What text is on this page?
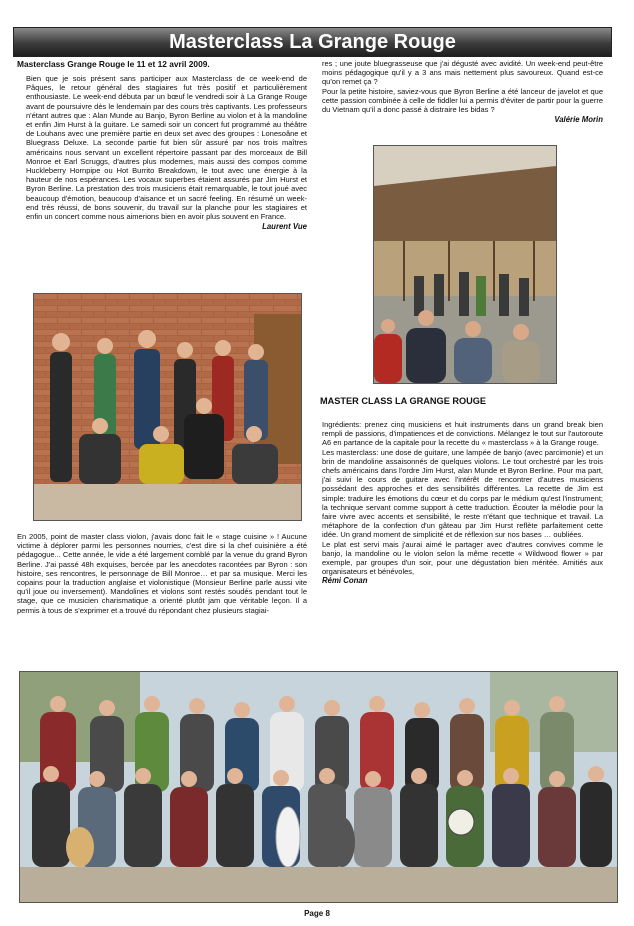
Masterclass La Grange Rouge

Masterclass Grange Rouge le 11 et 12 avril 2009.

Bien que je sois présent sans participer aux Masterclass de ce week-end de Pâques, le retour général des stagiaires fut très positif et particulièrement enthousiaste. Le week-end débuta par un bœuf le vendredi soir à La Grange Rouge avant de poursuivre dès le lendemain par des cours très captivants. Les professeurs n'étant autres que : Alan Munde au Banjo, Byron Berline au violon et à la mandoline et enfin Jim Hurst à la guitare. Le samedi soir un concert fut programmé au théâtre de Louhans avec une première partie en deux set avec des groupes : Lonesoâne et Bluegrass Deluxe. La seconde partie fut bien sûr assuré par nos trois maîtres américains nous servant un excellent répertoire passant par des morceaux de Bill Monroe et Earl Scruggs, d'autres plus modernes, mais aussi des compos comme Huckleberry Hornpipe ou Hot Burrito Breakdown, le tout avec une énergie à la hauteur de nos espérances. Les vocaux superbes étaient assurés par Jim Hurst et Byron Berline. La prestation des trois musiciens était remarquable, le tout joué avec beaucoup d'émotion, beaucoup d'aisance et un sacré feeling. En résumé un week-end très réussi, de bons souvenir, du travail sur la planche pour les stagiaires et enfin un concert comme nous aimerions bien en avoir plus souvent en France.

Laurent Vue

En 2005, point de master class violon, j'avais donc fait le « stage cuisine » ! Aucune victime à déplorer parmi les personnes nourries, c'est dire si la chef cuisinière a été pédagogue... Cette année, le vide a été largement comblé par la venue du grand Byron Berline. J'ai passé 48h exquises, bercée par les anecdotes racontées par Byron : son histoire, ses rencontres, le personnage de Bill Monroe… et par sa musique. Merci les copains pour la traduction anglaise et violonistique (Monsieur Berline parle aussi vite qu'il joue ou inversement). Mandolines et violons sont restés soudés pendant tout le stage, que ce musicien charismatique a orienté plutôt jam que véritable leçon. Il a permis à tous de s'exprimer et a trouvé du répondant chez plusieurs stagiai-

res ; une joute bluegrasseuse que j'ai dégusté avec avidité. Un week-end peut-être moins pédagogique qu'il y a 3 ans mais nettement plus savoureux. Quand est-ce qu'on remet ça ?

Pour la petite histoire, saviez-vous que Byron Berline a été lanceur de javelot et que cette passion combinée à celle de fiddler lui a permis d'éviter de partir pour la guerre du Vietnam qu'il a donc passé à distraire les bidas ?

Valérie Morin

MASTER CLASS LA GRANGE ROUGE

Ingrédients: prenez cinq musiciens et huit instruments dans un grand break bien rempli de passions, d'impatiences et de convictions. Mélangez le tout sur l'autoroute A6 en partance de la capitale pour la recette du « masterclass » à la Grange rouge.

Les masterclass: une dose de guitare, une lampée de banjo (avec parcimonie) et un brin de mandoline assaisonnés de quelques violons. Le tout orchestré par les trois chefs américains dans l'ordre Jim Hurst, alan Munde et Byron Berline. Pour ma part, j'ai suivi le cours de guitare avec l'intérêt de rencontrer d'autres musiciens possédant des approches et des sensibilités différentes. La recette de Jim est simple: traduire les émotions du cœur et du corps par le médium qu'est l'instrument; la technique servant comme support à cette traduction. Écouter la mélodie pour la faire vivre avec accents et sensibilité, le reste n'étant que technique et travail. La métaphore de la confection d'un gâteau par Jim Hurst reflète parfaitement cette idée. Un grand moment de simplicité et de réflexion sur nos bases … oubliées.

Le plat est servi mais j'aurai aimé le partager avec d'autres convives comme le banjo, la mandoline ou le violon selon la même recette « Wildwood flower » par exemple, par groupes d'un soir, pour une dégustation bien méritée. Amitiés aux organisateurs et bénévoles,

Rémi Conan

Page 8
